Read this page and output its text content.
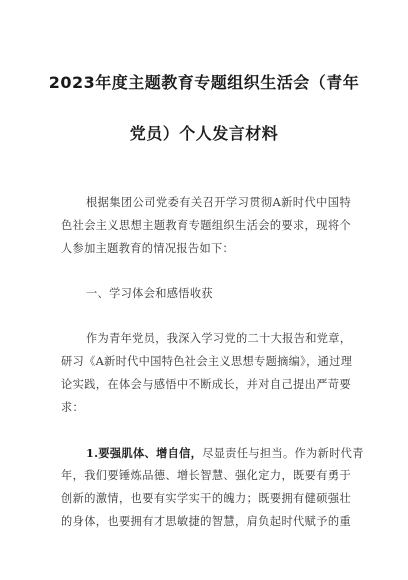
2023年度主题教育专题组织生活会（青年
党员）个人发言材料
根据集团公司党委有关召开学习贯彻A新时代中国特
色社会主义思想主题教育专题组织生活会的要求，现将个
人参加主题教育的情况报告如下：
一、学习体会和感悟收获
作为青年党员，我深入学习党的二十大报告和党章，
研习《A新时代中国特色社会主义思想专题摘编》，通过理
论实践，在体会与感悟中不断成长，并对自己提出严苛要
求：
1.要强肌体、增自信，尽显责任与担当。作为新时代青
年，我们要锤炼品德、增长智慧、强化定力，既要有勇于
创新的激情，也要有实学实干的魄力；既要拥有健硕强壮
的身体，也要拥有才思敏捷的智慧，肩负起时代赋予的重
